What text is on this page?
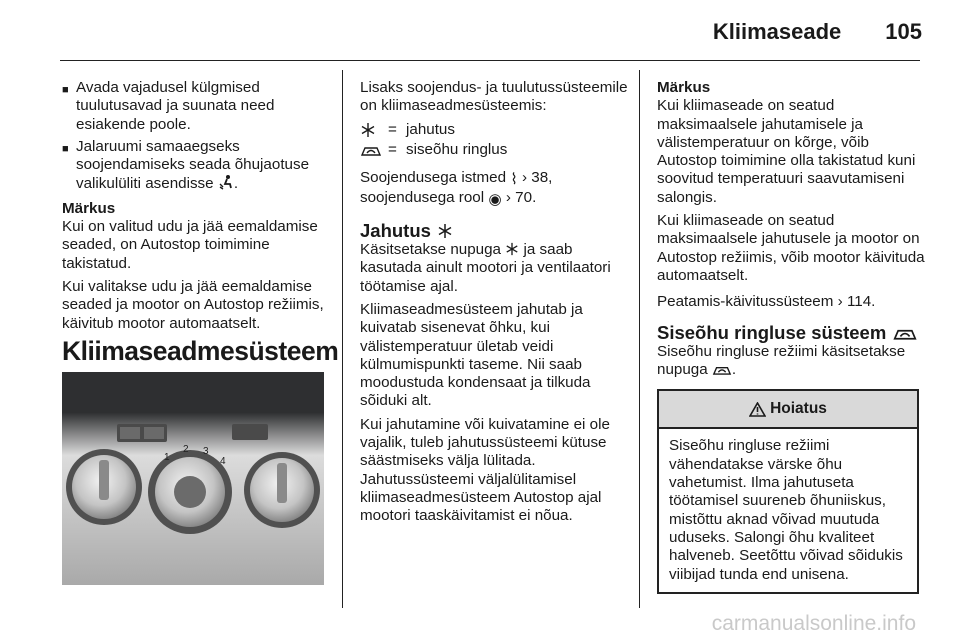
Kliimaseade 105
■ Avada vajadusel külgmised tuulutusavad ja suunata need esiakende poole.
■ Jalaruumi samaaegseks soojendamiseks seada õhujaotuse valikulüliti asendisse .

Märkus

Kui on valitud udu ja jää eemaldamise seaded, on Autostop toimimine takistatud.

Kui valitakse udu ja jää eemaldamise seaded ja mootor on Autostop režiimis, käivitub mootor automaatselt.

Kliimaseadmesüsteem
1
2 3
4

Lisaks soojendus- ja tuulutussüsteemile on kliimaseadmesüsteemis:

= jahutus
= siseõhu ringlus

Soojendusega istmed ⌇ › 38,
soojendusega rool ◉ › 70.

Jahutus

Käsitsetakse nupuga ja saab kasutada ainult mootori ja ventilaatori töötamise ajal.

Kliimaseadmesüsteem jahutab ja kuivatab sisenevat õhku, kui välistemperatuur ületab veidi külmumispunkti taseme. Nii saab moodustuda kondensaat ja tilkuda sõiduki alt.

Kui jahutamine või kuivatamine ei ole vajalik, tuleb jahutussüsteemi kütuse säästmiseks välja lülitada. Jahutussüsteemi väljalülitamisel kliimaseadmesüsteem Autostop ajal mootori taaskäivitamist ei nõua.

Märkus

Kui kliimaseade on seatud maksimaalsele jahutamisele ja välistemperatuur on kõrge, võib Autostop toimimine olla takistatud kuni soovitud temperatuuri saavutamiseni salongis.

Kui kliimaseade on seatud maksimaalsele jahutusele ja mootor on Autostop režiimis, võib mootor käivituda automaatselt.

Peatamis-käivitussüsteem › 114.

Siseõhu ringluse süsteem

Siseõhu ringluse režiimi käsitsetakse nupuga .

Hoiatus
Siseõhu ringluse režiimi vähendatakse värske õhu vahetumist. Ilma jahutuseta töötamisel suureneb õhuniiskus, mistõttu aknad võivad muutuda uduseks. Salongi õhu kvaliteet halveneb. Seetõttu võivad sõidukis viibijad tunda end unisena.
carmanualsonline.info
